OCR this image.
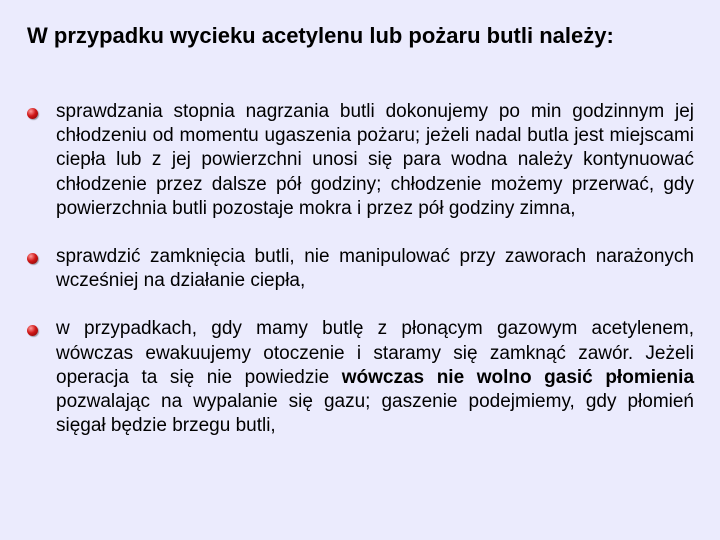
W przypadku wycieku acetylenu lub pożaru butli należy:
sprawdzania stopnia nagrzania butli dokonujemy po min godzinnym jej chłodzeniu od momentu ugaszenia pożaru; jeżeli nadal butla jest miejscami ciepła lub z jej powierzchni unosi się para wodna należy kontynuować chłodzenie przez dalsze pół godziny; chłodzenie możemy przerwać, gdy powierzchnia butli pozostaje mokra i przez pół godziny zimna,
sprawdzić zamknięcia butli, nie manipulować przy zaworach narażonych wcześniej na działanie ciepła,
w przypadkach, gdy mamy butlę z płonącym gazowym acetylenem, wówczas ewakuujemy otoczenie i staramy się zamknąć zawór. Jeżeli operacja ta się nie powiedzie wówczas nie wolno gasić płomienia pozwalając na wypalanie się gazu; gaszenie podejmiemy, gdy płomień sięgał będzie brzegu butli,
